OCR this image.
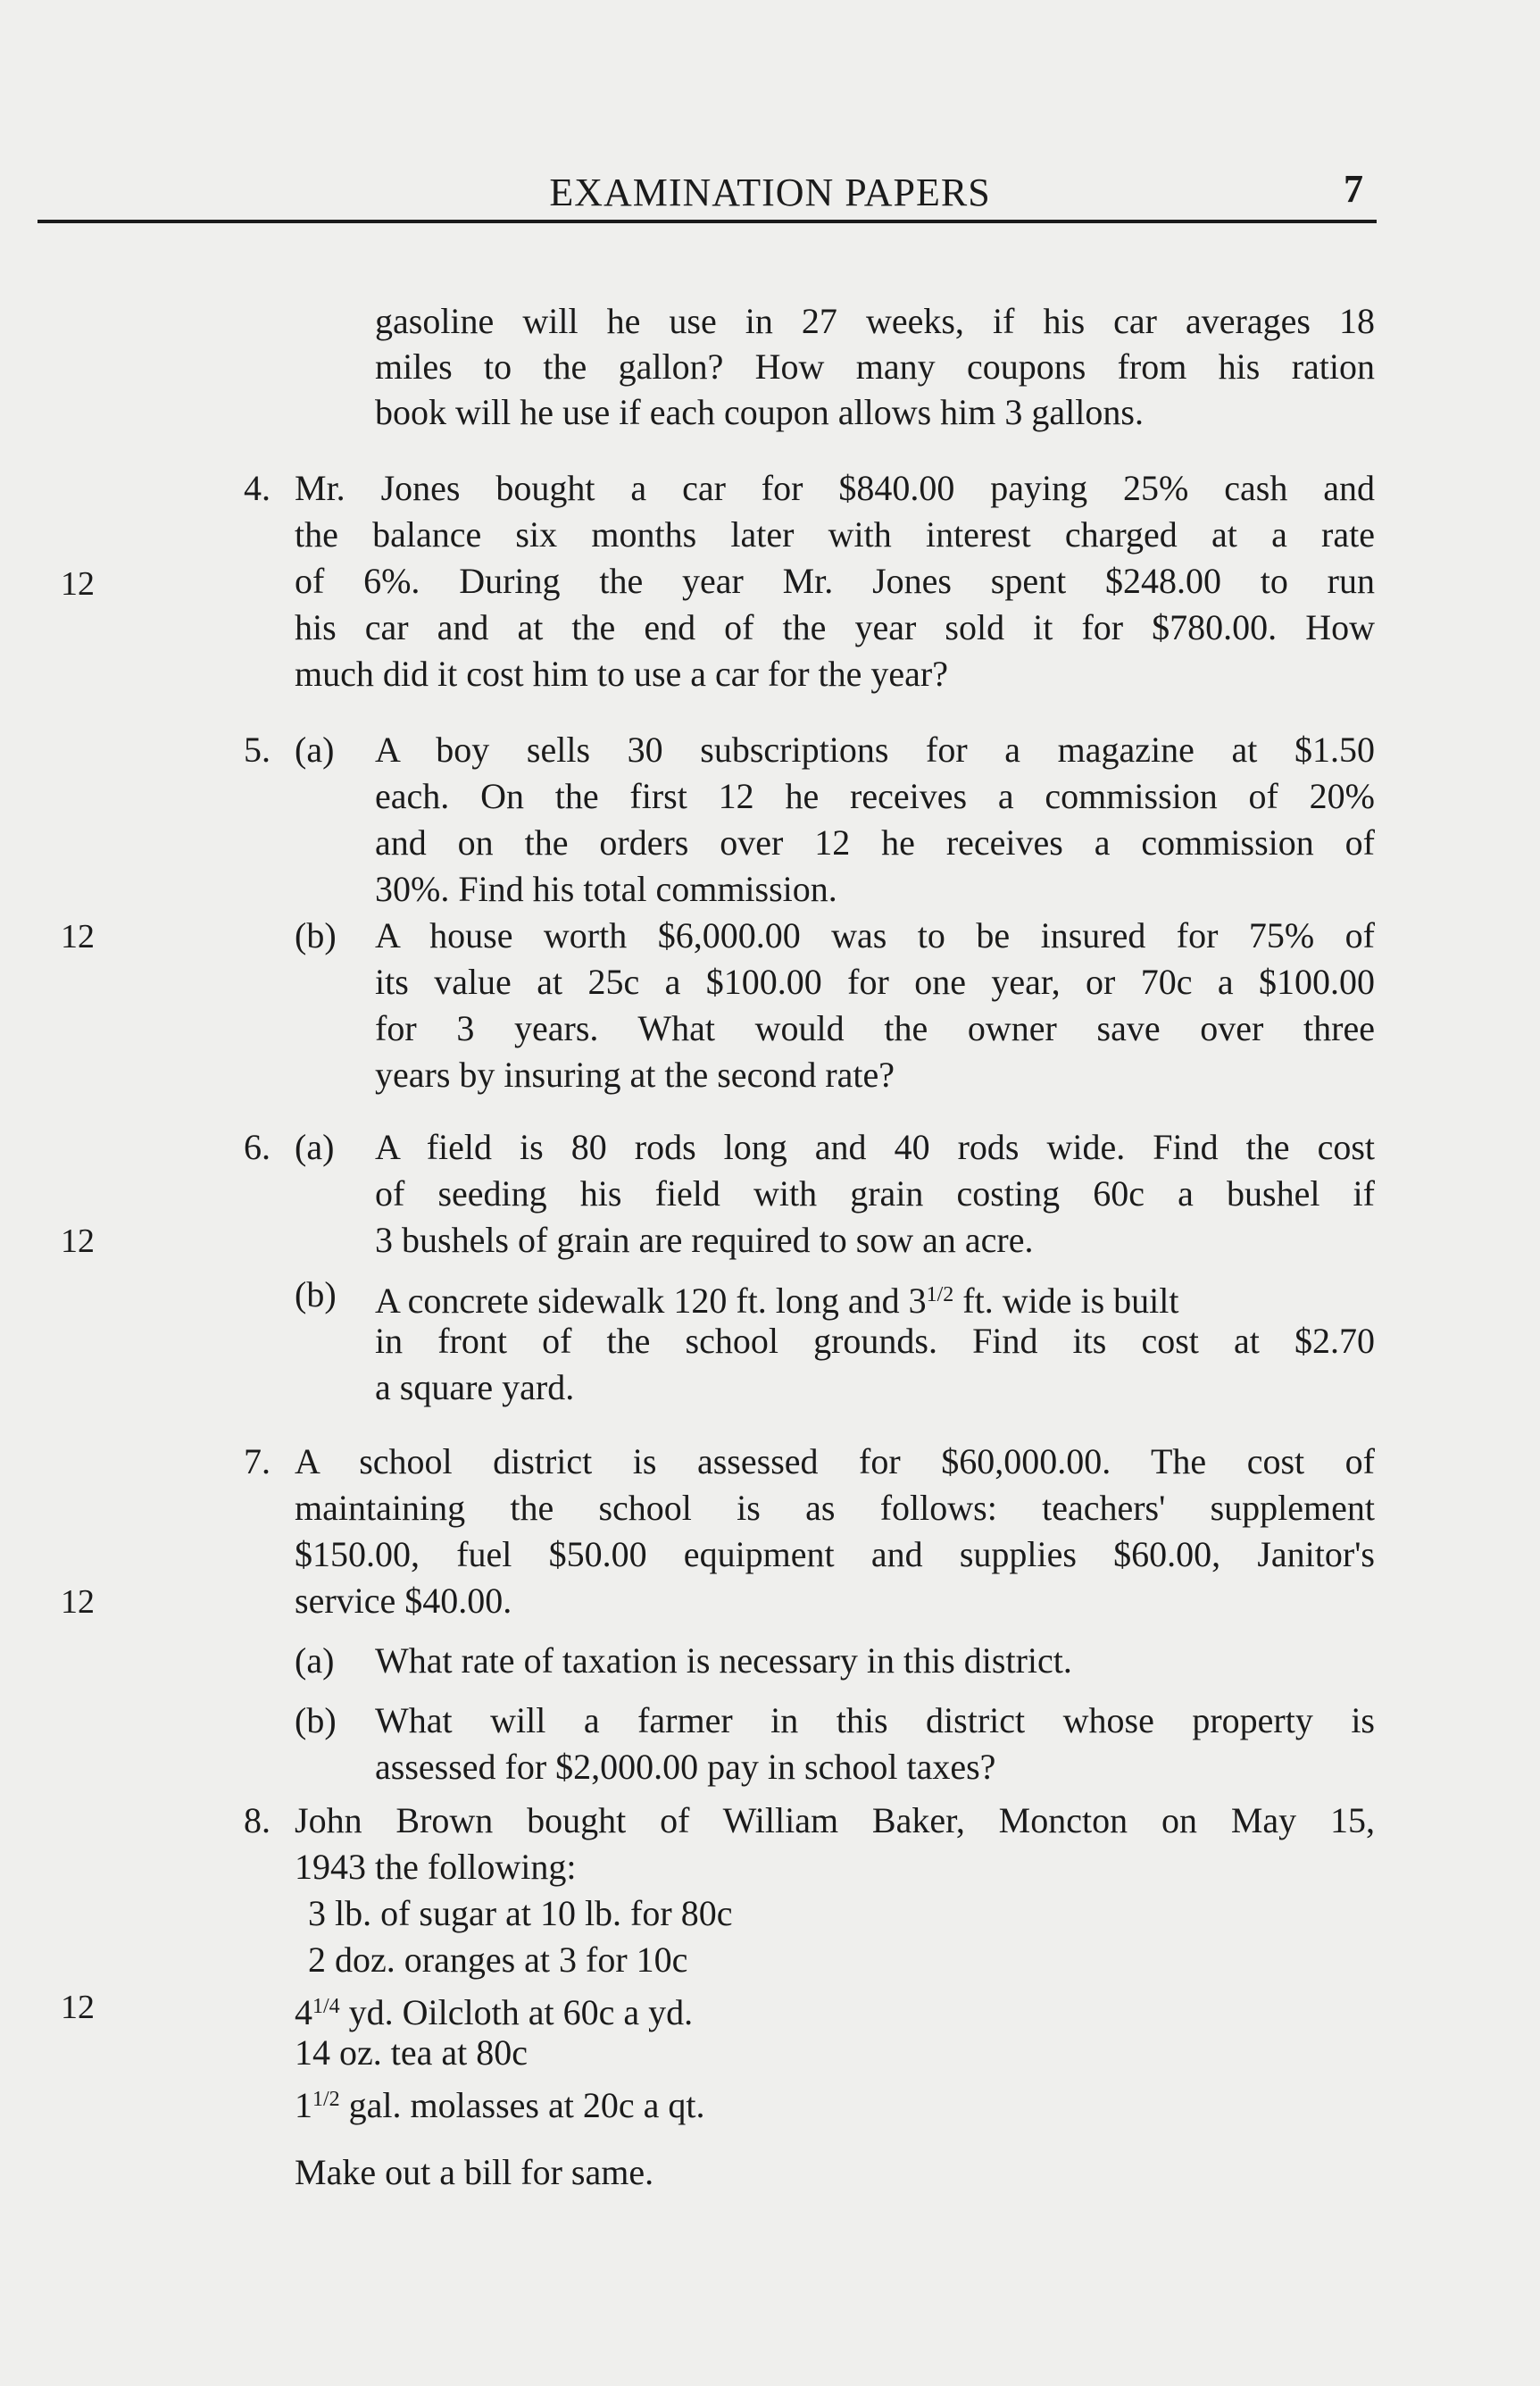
EXAMINATION PAPERS	7
gasoline will he use in 27 weeks, if his car averages 18
miles to the gallon? How many coupons from his ration
book will he use if each coupon allows him 3 gallons.
4.
12
Mr. Jones bought a car for $840.00 paying 25% cash and
the balance six months later with interest charged at a rate
of 6%. During the year Mr. Jones spent $248.00 to run
his car and at the end of the year sold it for $780.00. How
much did it cost him to use a car for the year?
5. (a) A boy sells 30 subscriptions for a magazine at $1.50
each. On the first 12 he receives a commission of 20%
and on the orders over 12 he receives a commission of
30%. Find his total commission.
12	(b) A house worth $6,000.00 was to be insured for 75% of
its value at 25c a $100.00 for one year, or 70c a $100.00
for 3 years. What would the owner save over three
years by insuring at the second rate?
6. (a) A field is 80 rods long and 40 rods wide. Find the cost
of seeding his field with grain costing 60c a bushel if
3 bushels of grain are required to sow an acre.
12
(b) A concrete sidewalk 120 ft. long and $3^{1/2}$ ft. wide is built
in front of the school grounds. Find its cost at $2.70
a square yard.
7. A school district is assessed for $60,000.00. The cost of
maintaining the school is as follows: teachers' supplement
$150.00, fuel $50.00 equipment and supplies $60.00, Janitor's
service $40.00.
12
(a) What rate of taxation is necessary in this district.
(b) What will a farmer in this district whose property is
assessed for $2,000.00 pay in school taxes?
8. John Brown bought of William Baker, Moncton on May 15,
1943 the following:
3 lb. of sugar at 10 lb. for 80c
2 doz. oranges at 3 for 10c
$4^{1/4}$ yd. Oilcloth at 60c a yd.
12
14 oz. tea at 80c
$1^{1/2}$ gal. molasses at 20c a qt.
Make out a bill for same.
